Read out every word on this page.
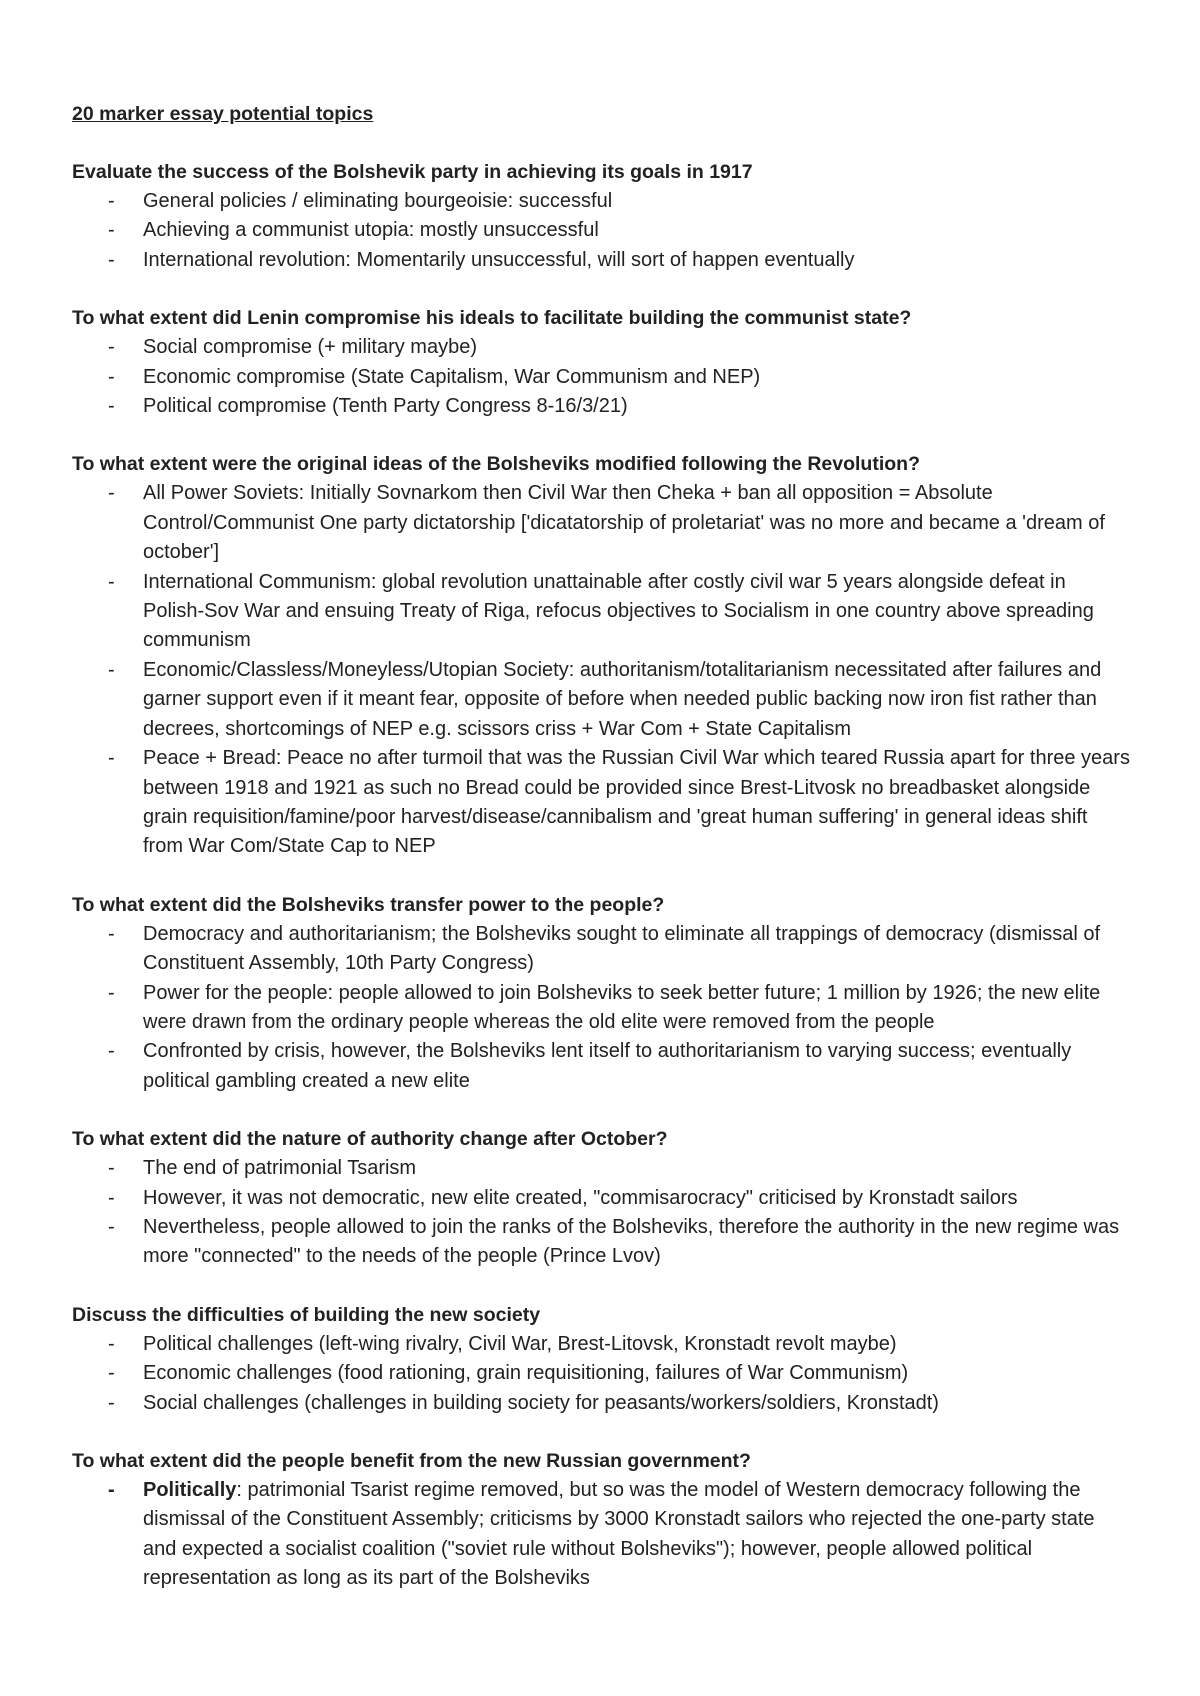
20 marker essay potential topics
Evaluate the success of the Bolshevik party in achieving its goals in 1917
- General policies / eliminating bourgeoisie: successful
- Achieving a communist utopia: mostly unsuccessful
- International revolution: Momentarily unsuccessful, will sort of happen eventually
To what extent did Lenin compromise his ideals to facilitate building the communist state?
- Social compromise (+ military maybe)
- Economic compromise (State Capitalism, War Communism and NEP)
- Political compromise (Tenth Party Congress 8-16/3/21)
To what extent were the original ideas of the Bolsheviks modified following the Revolution?
- All Power Soviets: Initially Sovnarkom then Civil War then Cheka + ban all opposition = Absolute Control/Communist One party dictatorship ['dicatatorship of proletariat' was no more and became a 'dream of october']
- International Communism: global revolution unattainable after costly civil war 5 years alongside defeat in Polish-Sov War and ensuing Treaty of Riga, refocus objectives to Socialism in one country above spreading communism
- Economic/Classless/Moneyless/Utopian Society: authoritanism/totalitarianism necessitated after failures and garner support even if it meant fear, opposite of before when needed public backing now iron fist rather than decrees, shortcomings of NEP e.g. scissors criss + War Com + State Capitalism
- Peace + Bread: Peace no after turmoil that was the Russian Civil War which teared Russia apart for three years between 1918 and 1921 as such no Bread could be provided since Brest-Litvosk no breadbasket alongside grain requisition/famine/poor harvest/disease/cannibalism and 'great human suffering' in general ideas shift from War Com/State Cap to NEP
To what extent did the Bolsheviks transfer power to the people?
- Democracy and authoritarianism; the Bolsheviks sought to eliminate all trappings of democracy (dismissal of Constituent Assembly, 10th Party Congress)
- Power for the people: people allowed to join Bolsheviks to seek better future; 1 million by 1926; the new elite were drawn from the ordinary people whereas the old elite were removed from the people
- Confronted by crisis, however, the Bolsheviks lent itself to authoritarianism to varying success; eventually political gambling created a new elite
To what extent did the nature of authority change after October?
- The end of patrimonial Tsarism
- However, it was not democratic, new elite created, "commisarocracy" criticised by Kronstadt sailors
- Nevertheless, people allowed to join the ranks of the Bolsheviks, therefore the authority in the new regime was more "connected" to the needs of the people (Prince Lvov)
Discuss the difficulties of building the new society
- Political challenges (left-wing rivalry, Civil War, Brest-Litovsk, Kronstadt revolt maybe)
- Economic challenges (food rationing, grain requisitioning, failures of War Communism)
- Social challenges (challenges in building society for peasants/workers/soldiers, Kronstadt)
To what extent did the people benefit from the new Russian government?
- Politically: patrimonial Tsarist regime removed, but so was the model of Western democracy following the dismissal of the Constituent Assembly; criticisms by 3000 Kronstadt sailors who rejected the one-party state and expected a socialist coalition ("soviet rule without Bolsheviks"); however, people allowed political representation as long as its part of the Bolsheviks
